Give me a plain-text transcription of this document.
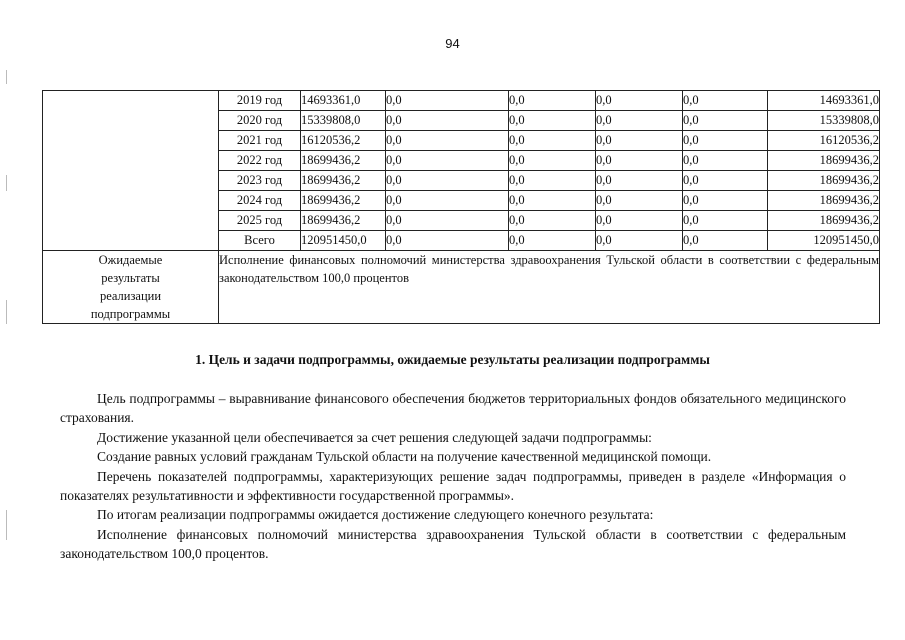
94
	2019 год	14693361,0	0,0	0,0	0,0	0,0	14693361,0
	2020 год	15339808,0	0,0	0,0	0,0	0,0	15339808,0
	2021 год	16120536,2	0,0	0,0	0,0	0,0	16120536,2
	2022 год	18699436,2	0,0	0,0	0,0	0,0	18699436,2
	2023 год	18699436,2	0,0	0,0	0,0	0,0	18699436,2
	2024 год	18699436,2	0,0	0,0	0,0	0,0	18699436,2
	2025 год	18699436,2	0,0	0,0	0,0	0,0	18699436,2
	Всего	120951450,0	0,0	0,0	0,0	0,0	120951450,0

Ожидаемые
результаты
реализации
подпрограммы	Исполнение финансовых полномочий министерства здравоохранения Тульской области в соответствии с федеральным законодательством 100,0 процентов						
1. Цель и задачи подпрограммы, ожидаемые результаты реализации подпрограммы

Цель подпрограммы – выравнивание финансового обеспечения бюджетов территориальных фондов обязательного медицинского страхования.

Достижение указанной цели обеспечивается за счет решения следующей задачи подпрограммы:

Создание равных условий гражданам Тульской области на получение качественной медицинской помощи.

Перечень показателей подпрограммы, характеризующих решение задач подпрограммы, приведен в разделе «Информация о показателях результативности и эффективности государственной программы».

По итогам реализации подпрограммы ожидается достижение следующего конечного результата:

Исполнение финансовых полномочий министерства здравоохранения Тульской области в соответствии с федеральным законодательством 100,0 процентов.
